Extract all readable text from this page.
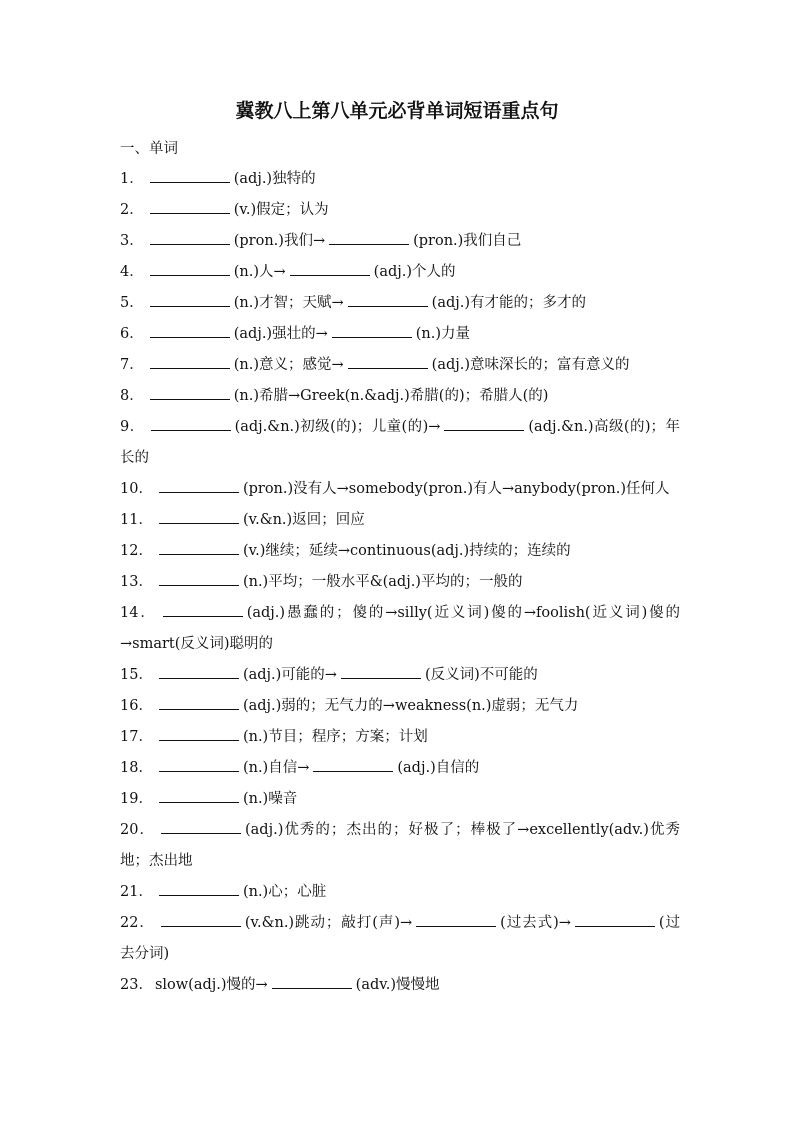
冀教八上第八单元必背单词短语重点句
一、单词
1．	(adj.)独特的
2．	(v.)假定；认为
3．	(pron.)我们→	(pron.)我们自己
4．	(n.)人→	(adj.)个人的
5．	(n.)才智；天赋→	(adj.)有才能的；多才的
6．	(adj.)强壮的→	(n.)力量
7．	(n.)意义；感觉→	(adj.)意味深长的；富有意义的
8．	(n.)希腊→Greek(n.&adj.)希腊(的)；希腊人(的)
9．	(adj.&n.)初级(的)；儿童(的)→	(adj.&n.)高级(的)；年长的
10．	(pron.)没有人→somebody(pron.)有人→anybody(pron.)任何人
11．	(v.&n.)返回；回应
12．	(v.)继续；延续→continuous(adj.)持续的；连续的
13．	(n.)平均；一般水平&(adj.)平均的；一般的
14．	(adj.)愚蠢的；傻的→silly(近义词)傻的→foolish(近义词)傻的→smart(反义词)聪明的
15．	(adj.)可能的→	(反义词)不可能的
16．	(adj.)弱的；无气力的→weakness(n.)虚弱；无气力
17．	(n.)节目；程序；方案；计划
18．	(n.)自信→	(adj.)自信的
19．	(n.)噪音
20．	(adj.)优秀的；杰出的；好极了；棒极了→excellently(adv.)优秀地；杰出地
21．	(n.)心；心脏
22．	(v.&n.)跳动；敲打(声)→	(过去式)→	(过去分词)
23． slow(adj.)慢的→	(adv.)慢慢地
